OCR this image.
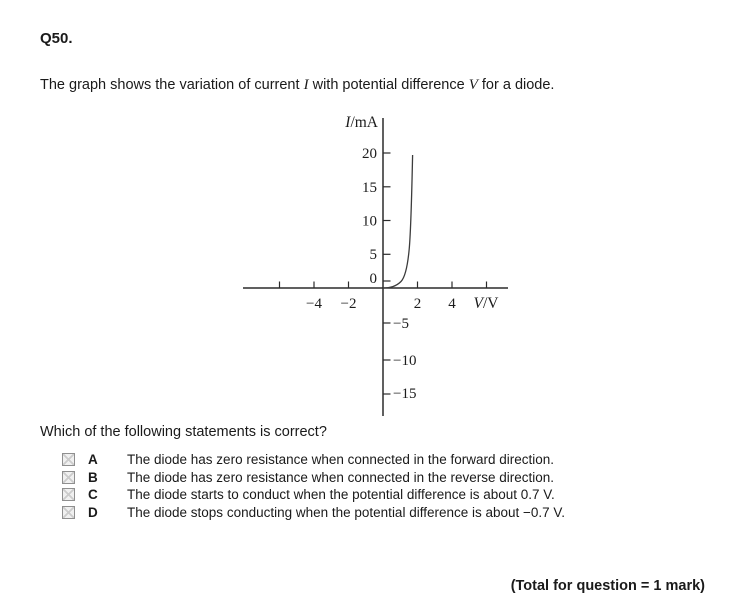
Q50.
The graph shows the variation of current I with potential difference V for a diode.
20
15
10
5
0
−5
−10
−15
−4 −2	2 4
I/mA
V/V
Which of the following statements is correct?
A	The diode has zero resistance when connected in the forward direction.
B	The diode has zero resistance when connected in the reverse direction.
C	The diode starts to conduct when the potential difference is about 0.7 V.
D	The diode stops conducting when the potential difference is about −0.7 V.
(Total for question = 1 mark)
